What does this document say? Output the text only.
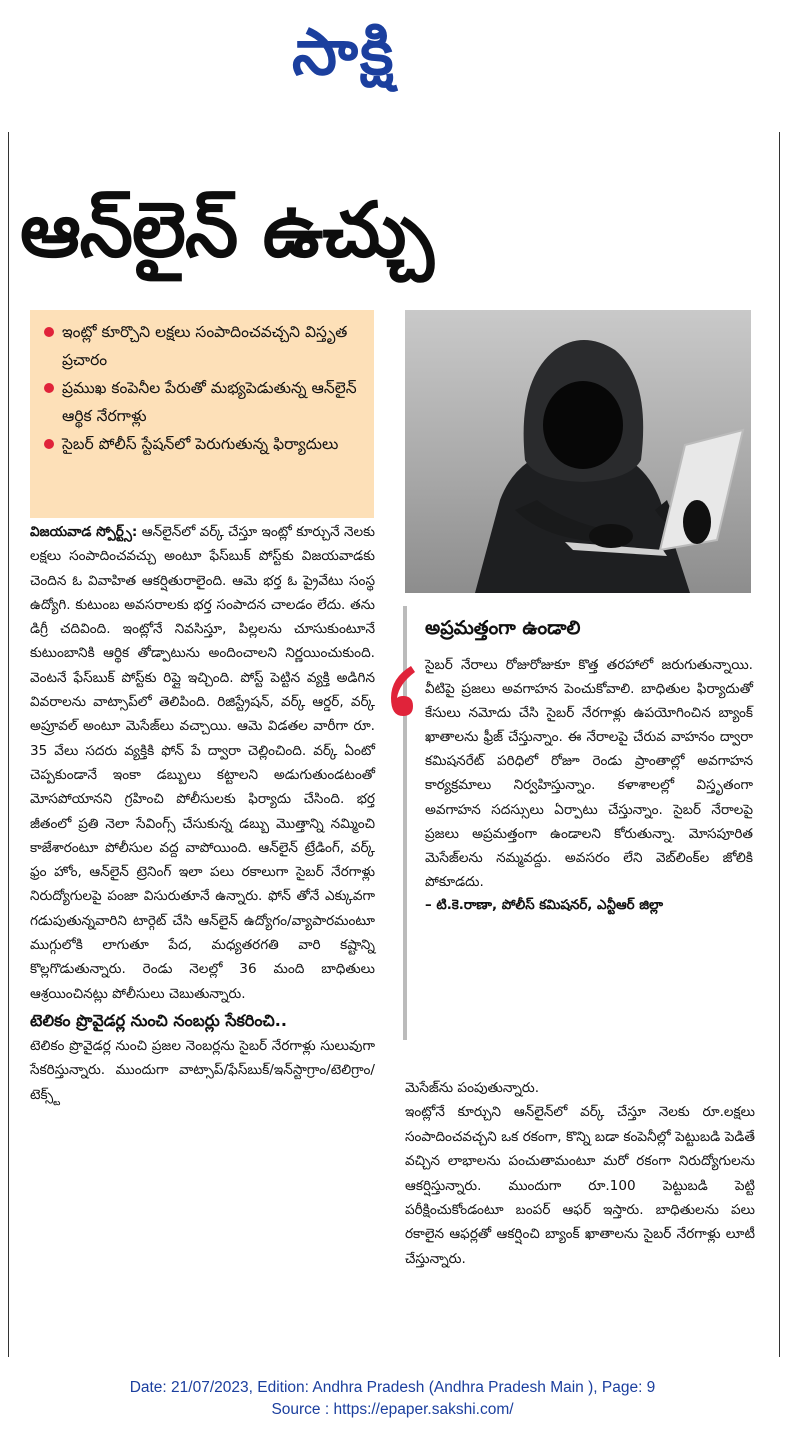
సాక్షి
ఆన్‌లైన్ ఉచ్చు
ఇంట్లో కూర్చొని లక్షలు సంపాదించవచ్చని విస్తృత ప్రచారం
ప్రముఖ కంపెనీల పేరుతో మభ్యపెడుతున్న ఆన్‌లైన్ ఆర్థిక నేరగాళ్లు
సైబర్ పోలీస్ స్టేషన్‌లో పెరుగుతున్న ఫిర్యాదులు

విజయవాడ స్పోర్ట్స్: ఆన్‌లైన్‌లో వర్క్ చేస్తూ ఇంట్లో కూర్చునే నెలకు లక్షలు సంపాదించవచ్చు అంటూ ఫేస్‌బుక్ పోస్ట్‌కు విజయవాడకు చెందిన ఓ వివాహిత ఆకర్షితురాలైంది. ఆమె భర్త ఓ ప్రైవేటు సంస్థ ఉద్యోగి. కుటుంబ అవసరాలకు భర్త సంపాదన చాలడం లేదు. తను డిగ్రీ చదివింది. ఇంట్లోనే నివసిస్తూ, పిల్లలను చూసుకుంటూనే కుటుంబానికి ఆర్థిక తోడ్పాటును అందించాలని నిర్ణయించుకుంది. వెంటనే ఫేస్‌బుక్ పోస్ట్‌కు రిప్లై ఇచ్చింది. పోస్ట్ పెట్టిన వ్యక్తి అడిగిన వివరాలను వాట్సాప్‌లో తెలిపింది. రిజిస్ట్రేషన్, వర్క్ ఆర్డర్, వర్క్ అప్రూవల్ అంటూ మెసేజ్‌లు వచ్చాయి. ఆమె విడతల వారీగా రూ. 35 వేలు సదరు వ్యక్తికి ఫోన్ పే ద్వారా చెల్లించింది. వర్క్ ఏంటో చెప్పకుండానే ఇంకా డబ్బులు కట్టాలని అడుగుతుండటంతో మోసపోయానని గ్రహించి పోలీసులకు ఫిర్యాదు చేసింది. భర్త జీతంలో ప్రతి నెలా సేవింగ్స్ చేసుకున్న డబ్బు మొత్తాన్ని నమ్మించి కాజేశారంటూ పోలీసుల వద్ద వాపోయింది. ఆన్‌లైన్ ట్రేడింగ్, వర్క్ ఫ్రం హోం, ఆన్‌లైన్ ట్రెనింగ్ ఇలా పలు రకాలుగా సైబర్ నేరగాళ్లు నిరుద్యోగులపై పంజా విసురుతూనే ఉన్నారు. ఫోన్ తోనే ఎక్కువగా గడుపుతున్నవారిని టార్గెట్ చేసి ఆన్‌లైన్ ఉద్యోగం/వ్యాపారమంటూ ముగ్గులోకి లాగుతూ పేద, మధ్యతరగతి వారి కష్టాన్ని కొల్లగొడుతున్నారు. రెండు నెలల్లో 36 మంది బాధితులు ఆశ్రయించినట్లు పోలీసులు చెబుతున్నారు.

టెలికం ప్రొవైడర్ల నుంచి నంబర్లు సేకరించి..

టెలికం ప్రొవైడర్ల నుంచి ప్రజల నెంబర్లను సైబర్ నేరగాళ్లు సులువుగా సేకరిస్తున్నారు. ముందుగా వాట్సాప్/ఫేస్‌బుక్/ఇన్‌స్టాగ్రాం/టెలిగ్రాం/టెక్స్ట్

అప్రమత్తంగా ఉండాలి

సైబర్ నేరాలు రోజురోజుకూ కొత్త తరహాలో జరుగుతున్నాయి. వీటిపై ప్రజలు అవగాహన పెంచుకోవాలి. బాధితుల ఫిర్యాదుతో కేసులు నమోదు చేసి సైబర్ నేరగాళ్లు ఉపయోగించిన బ్యాంక్ ఖాతాలను ఫ్రీజ్ చేస్తున్నాం. ఈ నేరాలపై చేరువ వాహనం ద్వారా కమిషనరేట్ పరిధిలో రోజూ రెండు ప్రాంతాల్లో అవగాహన కార్యక్రమాలు నిర్వహిస్తున్నాం. కళాశాలల్లో విస్తృతంగా అవగాహన సదస్సులు ఏర్పాటు చేస్తున్నాం. సైబర్ నేరాలపై ప్రజలు అప్రమత్తంగా ఉండాలని కోరుతున్నా. మోసపూరిత మెసేజ్‌లను నమ్మవద్దు. అవసరం లేని వెబ్‌లింక్‌ల జోలికి పోకూడదు.

– టి.కె.రాణా, పోలీస్ కమిషనర్, ఎన్టీఆర్ జిల్లా

మెసేజ్‌ను పంపుతున్నారు.

ఇంట్లోనే కూర్చుని ఆన్‌లైన్‌లో వర్క్ చేస్తూ నెలకు రూ.లక్షలు సంపాదించవచ్చని ఒక రకంగా, కొన్ని బడా కంపెనీల్లో పెట్టుబడి పెడితే వచ్చిన లాభాలను పంచుతామంటూ మరో రకంగా నిరుద్యోగులను ఆకర్షిస్తున్నారు. ముందుగా రూ.100 పెట్టుబడి పెట్టి పరీక్షించుకోండంటూ బంపర్ ఆఫర్ ఇస్తారు. బాధితులను పలు రకాలైన ఆఫర్లతో ఆకర్షించి బ్యాంక్ ఖాతాలను సైబర్ నేరగాళ్లు లూటీ చేస్తున్నారు.

Date: 21/07/2023, Edition: Andhra Pradesh (Andhra Pradesh Main ), Page: 9
Source : https://epaper.sakshi.com/
